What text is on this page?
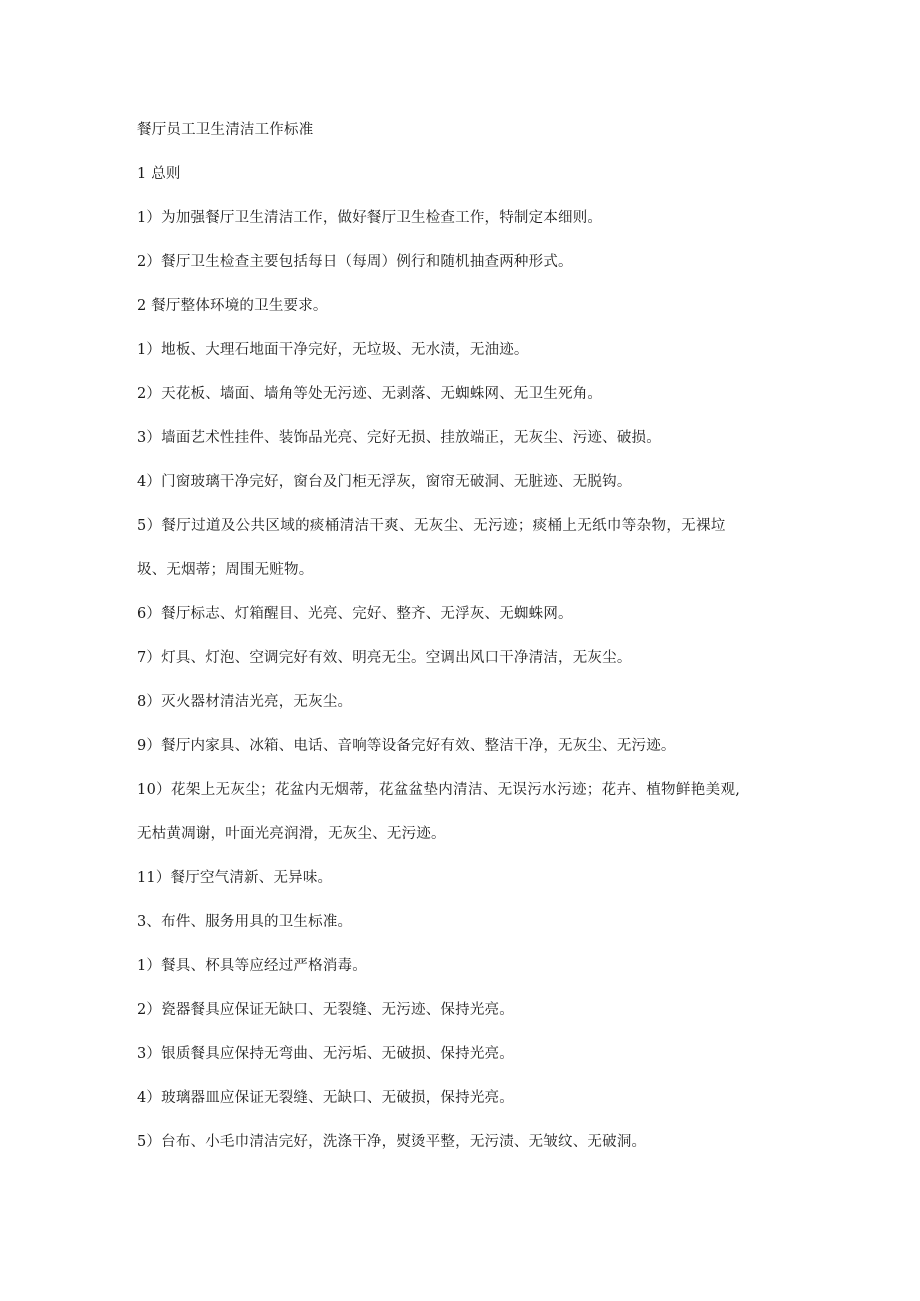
餐厅员工卫生清洁工作标准
1 总则
1）为加强餐厅卫生清洁工作，做好餐厅卫生检查工作，特制定本细则。
2）餐厅卫生检查主要包括每日（每周）例行和随机抽查两种形式。
2 餐厅整体环境的卫生要求。
1）地板、大理石地面干净完好，无垃圾、无水渍，无油迹。
2）天花板、墙面、墙角等处无污迹、无剥落、无蜘蛛网、无卫生死角。
3）墙面艺术性挂件、装饰品光亮、完好无损、挂放端正，无灰尘、污迹、破损。
4）门窗玻璃干净完好，窗台及门柜无浮灰，窗帘无破洞、无脏迹、无脱钩。
5）餐厅过道及公共区域的痰桶清洁干爽、无灰尘、无污迹；痰桶上无纸巾等杂物，无裸垃
圾、无烟蒂；周围无赃物。
6）餐厅标志、灯箱醒目、光亮、完好、整齐、无浮灰、无蜘蛛网。
7）灯具、灯泡、空调完好有效、明亮无尘。空调出风口干净清洁，无灰尘。
8）灭火器材清洁光亮，无灰尘。
9）餐厅内家具、冰箱、电话、音响等设备完好有效、整洁干净，无灰尘、无污迹。
10）花架上无灰尘；花盆内无烟蒂，花盆盆垫内清洁、无误污水污迹；花卉、植物鲜艳美观,
无枯黄凋谢，叶面光亮润滑，无灰尘、无污迹。
11）餐厅空气清新、无异味。
3、布件、服务用具的卫生标准。
1）餐具、杯具等应经过严格消毒。
2）瓷器餐具应保证无缺口、无裂缝、无污迹、保持光亮。
3）银质餐具应保持无弯曲、无污垢、无破损、保持光亮。
4）玻璃器皿应保证无裂缝、无缺口、无破损，保持光亮。
5）台布、小毛巾清洁完好，洗涤干净，熨烫平整，无污渍、无皱纹、无破洞。
